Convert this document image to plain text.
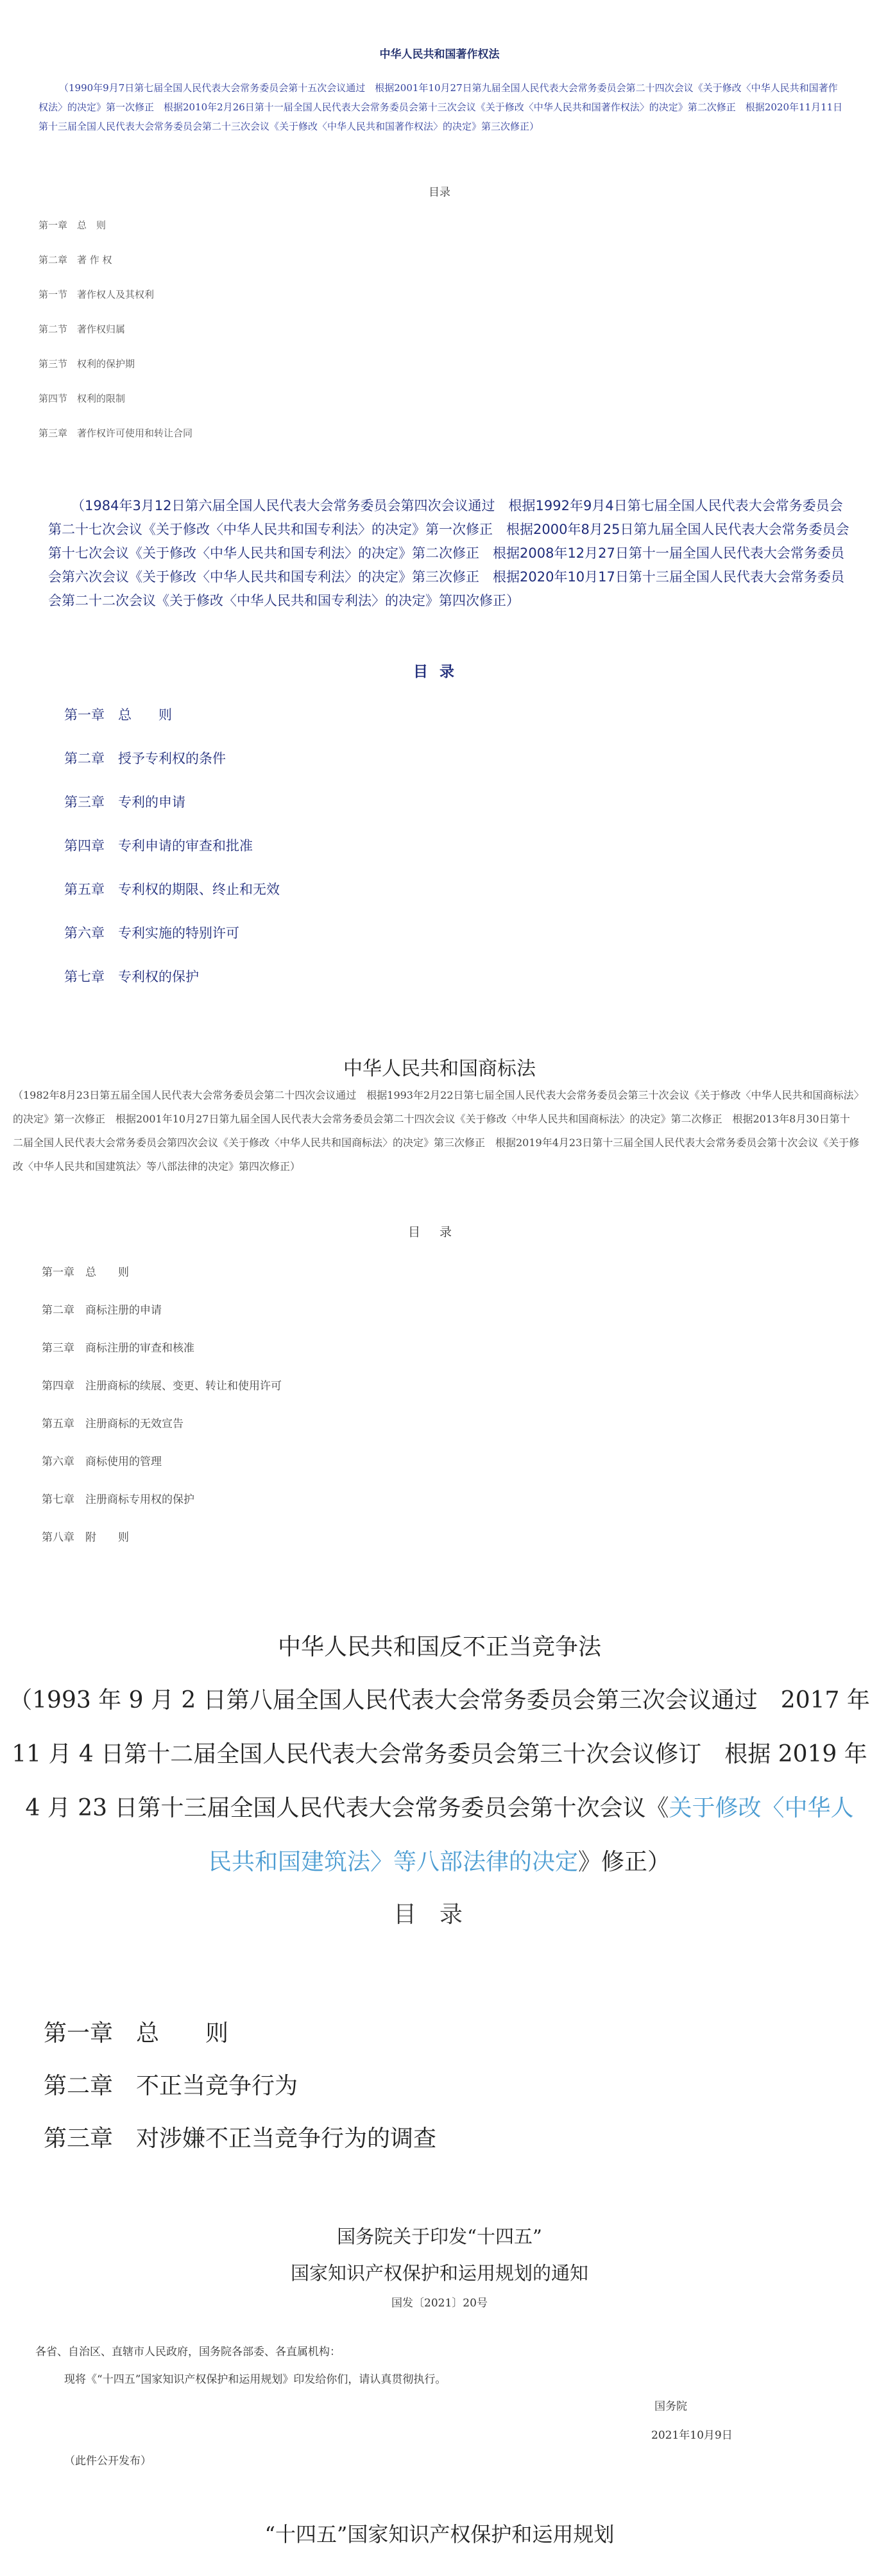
中华人民共和国著作权法
（1990年9月7日第七届全国人民代表大会常务委员会第十五次会议通过　根据2001年10月27日第九届全国人民代表大会常务委员会第二十四次会议《关于修改〈中华人民共和国著作权法〉的决定》第一次修正　根据2010年2月26日第十一届全国人民代表大会常务委员会第十三次会议《关于修改〈中华人民共和国著作权法〉的决定》第二次修正　根据2020年11月11日第十三届全国人民代表大会常务委员会第二十三次会议《关于修改〈中华人民共和国著作权法〉的决定》第三次修正）
目录
第一章　总　则
第二章　著 作 权
第一节　著作权人及其权利
第二节　著作权归属
第三节　权利的保护期
第四节　权利的限制
第三章　著作权许可使用和转让合同
（1984年3月12日第六届全国人民代表大会常务委员会第四次会议通过　根据1992年9月4日第七届全国人民代表大会常务委员会第二十七次会议《关于修改〈中华人民共和国专利法〉的决定》第一次修正　根据2000年8月25日第九届全国人民代表大会常务委员会第十七次会议《关于修改〈中华人民共和国专利法〉的决定》第二次修正　根据2008年12月27日第十一届全国人民代表大会常务委员会第六次会议《关于修改〈中华人民共和国专利法〉的决定》第三次修正　根据2020年10月17日第十三届全国人民代表大会常务委员会第二十二次会议《关于修改〈中华人民共和国专利法〉的决定》第四次修正）
目录
第一章　总　　则
第二章　授予专利权的条件
第三章　专利的申请
第四章　专利申请的审查和批准
第五章　专利权的期限、终止和无效
第六章　专利实施的特别许可
第七章　专利权的保护
中华人民共和国商标法
（1982年8月23日第五届全国人民代表大会常务委员会第二十四次会议通过　根据1993年2月22日第七届全国人民代表大会常务委员会第三十次会议《关于修改〈中华人民共和国商标法〉的决定》第一次修正　根据2001年10月27日第九届全国人民代表大会常务委员会第二十四次会议《关于修改〈中华人民共和国商标法〉的决定》第二次修正　根据2013年8月30日第十二届全国人民代表大会常务委员会第四次会议《关于修改〈中华人民共和国商标法〉的决定》第三次修正　根据2019年4月23日第十三届全国人民代表大会常务委员会第十次会议《关于修改〈中华人民共和国建筑法〉等八部法律的决定》第四次修正）
目录
第一章　总　　则
第二章　商标注册的申请
第三章　商标注册的审查和核准
第四章　注册商标的续展、变更、转让和使用许可
第五章　注册商标的无效宣告
第六章　商标使用的管理
第七章　注册商标专用权的保护
第八章　附　　则
中华人民共和国反不正当竞争法
（1993 年 9 月 2 日第八届全国人民代表大会常务委员会第三次会议通过　2017 年
11 月 4 日第十二届全国人民代表大会常务委员会第三十次会议修订　根据 2019 年
4 月 23 日第十三届全国人民代表大会常务委员会第十次会议《关于修改〈中华人
民共和国建筑法〉等八部法律的决定》修正）
目录
第一章　总　　则
第二章　不正当竞争行为
第三章　对涉嫌不正当竞争行为的调查
国务院关于印发“十四五”
国家知识产权保护和运用规划的通知
国发〔2021〕20号
各省、自治区、直辖市人民政府，国务院各部委、各直属机构：
现将《“十四五”国家知识产权保护和运用规划》印发给你们，请认真贯彻执行。
国务院
2021年10月9日
（此件公开发布）
“十四五”国家知识产权保护和运用规划
